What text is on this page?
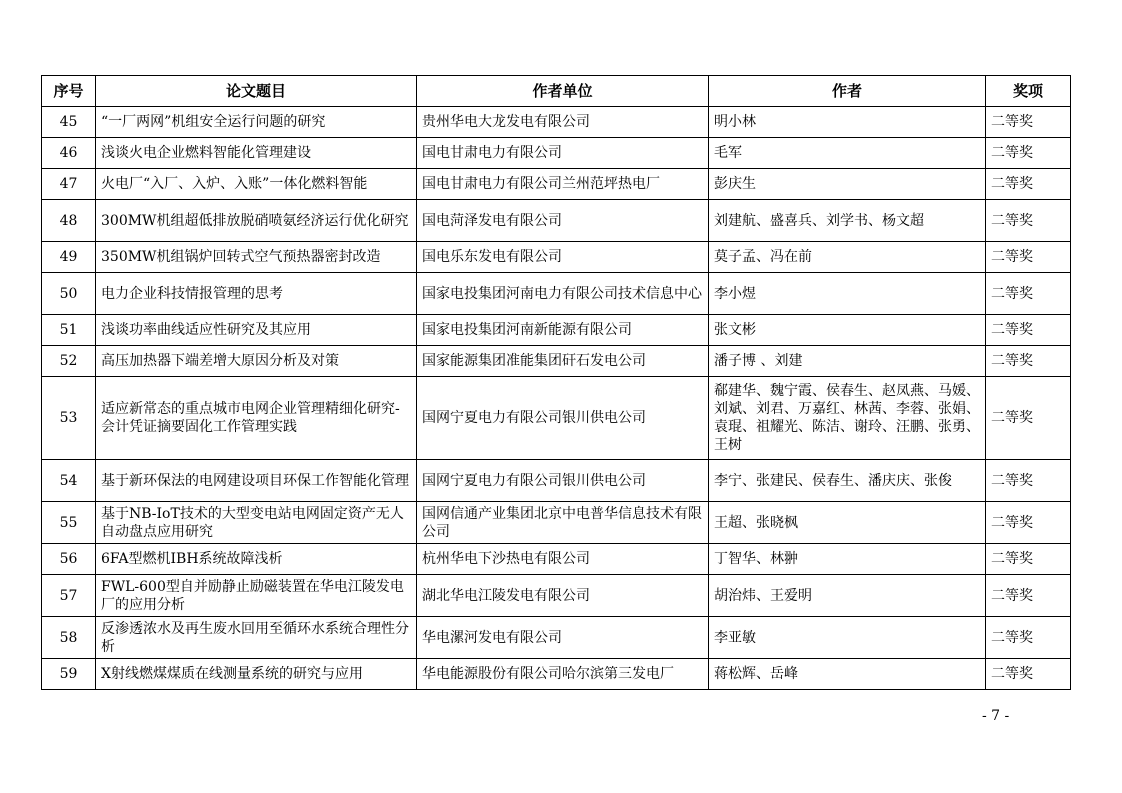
序号	论文题目	作者单位	作者	奖项
45	“一厂两网”机组安全运行问题的研究	贵州华电大龙发电有限公司	明小林	二等奖
46	浅谈火电企业燃料智能化管理建设	国电甘肃电力有限公司	毛军	二等奖
47	火电厂“入厂、入炉、入账”一体化燃料智能	国电甘肃电力有限公司兰州范坪热电厂	彭庆生	二等奖
48	300MW机组超低排放脱硝喷氨经济运行优化研究	国电菏泽发电有限公司	刘建航、盛喜兵、刘学书、杨文超	二等奖
49	350MW机组锅炉回转式空气预热器密封改造	国电乐东发电有限公司	莫子孟、冯在前	二等奖
50	电力企业科技情报管理的思考	国家电投集团河南电力有限公司技术信息中心	李小煜	二等奖
51	浅谈功率曲线适应性研究及其应用	国家电投集团河南新能源有限公司	张文彬	二等奖
52	高压加热器下端差增大原因分析及对策	国家能源集团准能集团矸石发电公司	潘子博 、刘建	二等奖
53	适应新常态的重点城市电网企业管理精细化研究-会计凭证摘要固化工作管理实践	国网宁夏电力有限公司银川供电公司	郗建华、魏宁霞、侯春生、赵凤燕、马媛、刘斌、刘君、万嘉红、林茜、李蓉、张娟、袁琨、祖耀光、陈洁、谢玲、汪鹏、张勇、王树	二等奖
54	基于新环保法的电网建设项目环保工作智能化管理	国网宁夏电力有限公司银川供电公司	李宁、张建民、侯春生、潘庆庆、张俊	二等奖
55	基于NB-IoT技术的大型变电站电网固定资产无人自动盘点应用研究	国网信通产业集团北京中电普华信息技术有限公司	王超、张晓枫	二等奖
56	6FA型燃机IBH系统故障浅析	杭州华电下沙热电有限公司	丁智华、林翀	二等奖
57	FWL-600型自并励静止励磁装置在华电江陵发电厂的应用分析	湖北华电江陵发电有限公司	胡治炜、王爱明	二等奖
58	反渗透浓水及再生废水回用至循环水系统合理性分析	华电漯河发电有限公司	李亚敏	二等奖
59	X射线燃煤煤质在线测量系统的研究与应用	华电能源股份有限公司哈尔滨第三发电厂	蒋松辉、岳峰	二等奖
- 7 -
